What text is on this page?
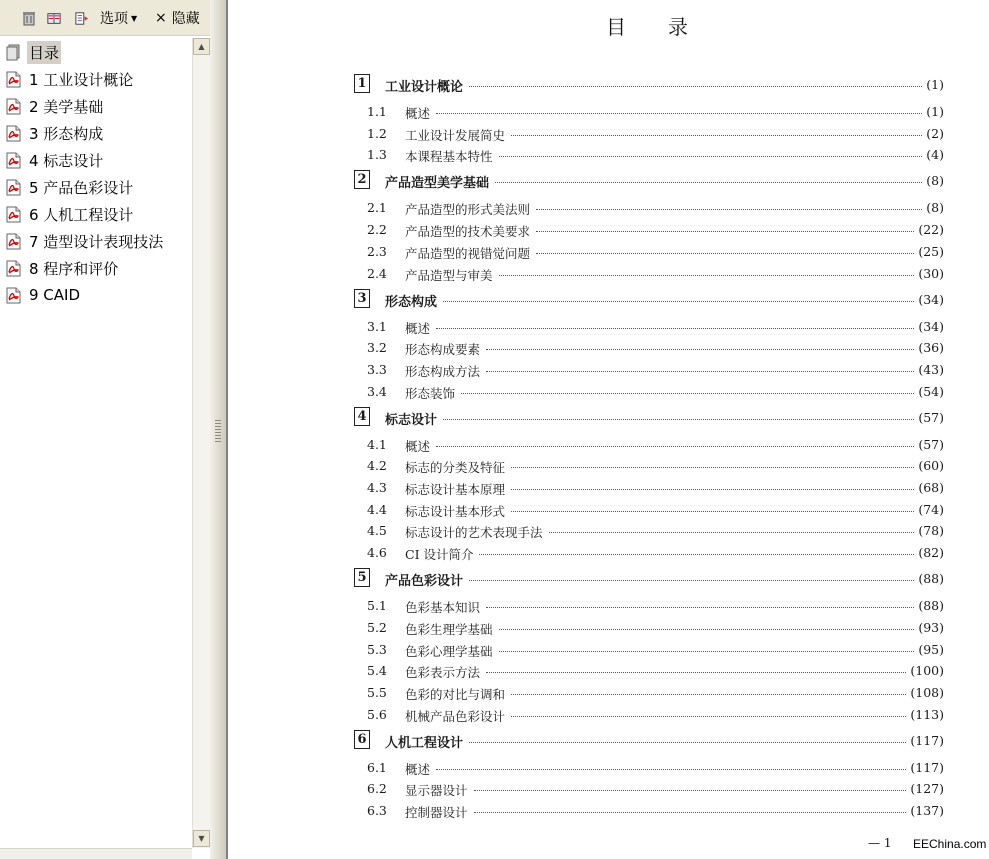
选项 ▼ × 隐藏
目录
1 工业设计概论
2 美学基础
3 形态构成
4 标志设计
5 产品色彩设计
6 人机工程设计
7 造型设计表现技法
8 程序和评价
9 CAID
▲
▼
目录
1 工业设计概论	(1)
1.1 概述	(1)
1.2 工业设计发展简史	(2)
1.3 本课程基本特性	(4)
2 产品造型美学基础	(8)
2.1 产品造型的形式美法则	(8)
2.2 产品造型的技术美要求	(22)
2.3 产品造型的视错觉问题	(25)
2.4 产品造型与审美	(30)
3 形态构成	(34)
3.1 概述	(34)
3.2 形态构成要素	(36)
3.3 形态构成方法	(43)
3.4 形态装饰	(54)
4 标志设计	(57)
4.1 概述	(57)
4.2 标志的分类及特征	(60)
4.3 标志设计基本原理	(68)
4.4 标志设计基本形式	(74)
4.5 标志设计的艺术表现手法	(78)
4.6 CI 设计简介	(82)
5 产品色彩设计	(88)
5.1 色彩基本知识	(88)
5.2 色彩生理学基础	(93)
5.3 色彩心理学基础	(95)
5.4 色彩表示方法	(100)
5.5 色彩的对比与调和	(108)
5.6 机械产品色彩设计	(113)
6 人机工程设计	(117)
6.1 概述	(117)
6.2 显示器设计	(127)
6.3 控制器设计	(137)
— 1 EEChina.com
